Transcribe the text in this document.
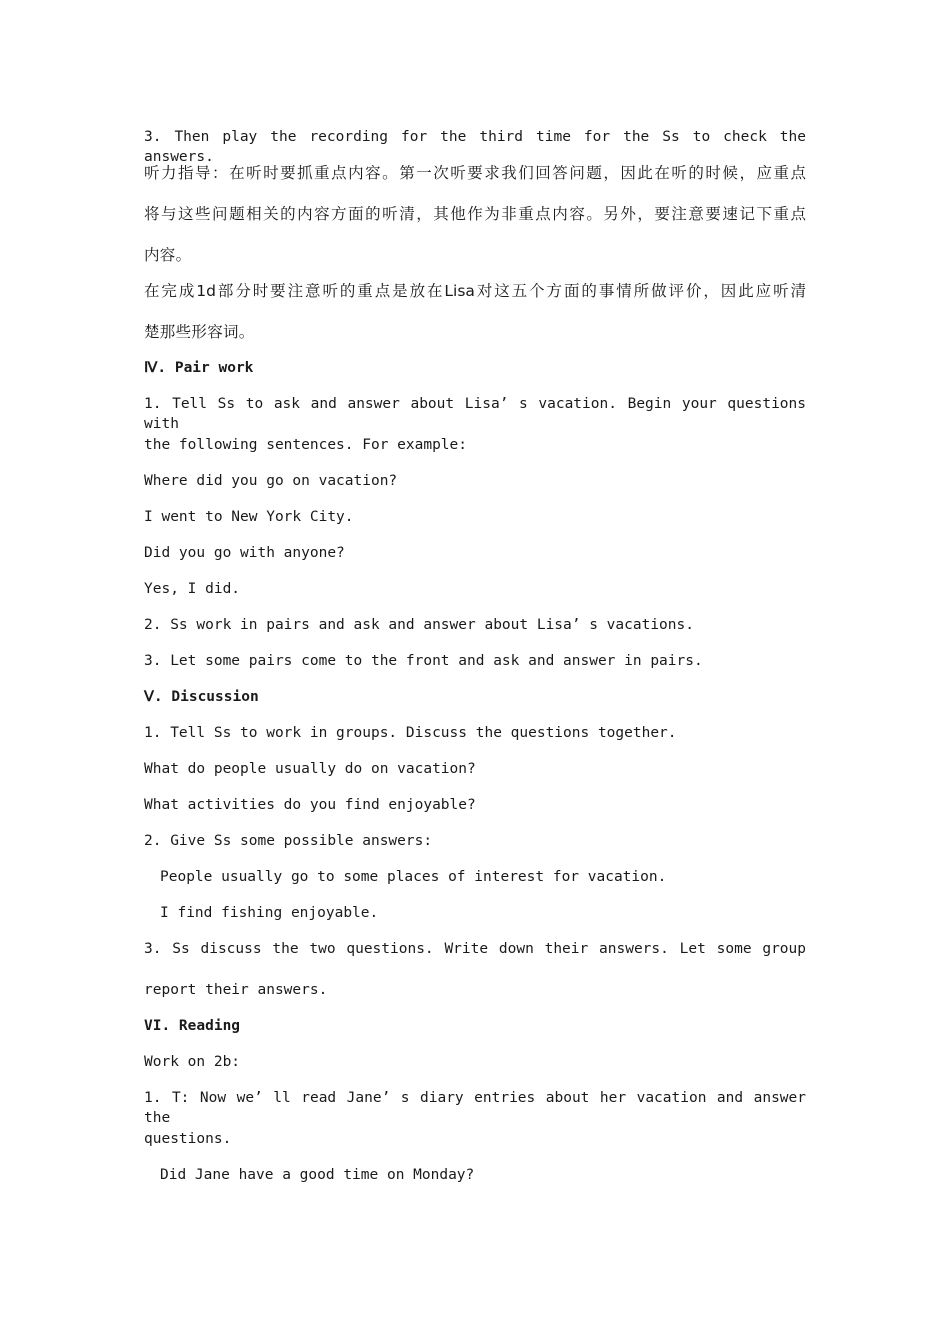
3. Then play the recording for the third time for the Ss to check the answers.
听力指导：在听时要抓重点内容。第一次听要求我们回答问题，因此在听的时候，应重点
将与这些问题相关的内容方面的听清，其他作为非重点内容。另外，要注意要速记下重点
内容。
在完成1d部分时要注意听的重点是放在Lisa对这五个方面的事情所做评价，因此应听清
楚那些形容词。
Ⅳ. Pair work
1. Tell Ss to ask and answer about Lisa’ s vacation. Begin your questions with
the following sentences. For example:
Where did you go on vacation?
I went to New York City.
Did you go with anyone?
Yes, I did.
2. Ss work in pairs and ask and answer about Lisa’ s vacations.
3. Let some pairs come to the front and ask and answer in pairs.
Ⅴ. Discussion
1. Tell Ss to work in groups. Discuss the questions together.
What do people usually do on vacation?
What activities do you find enjoyable?
2. Give Ss some possible answers:
People usually go to some places of interest for vacation.
I find fishing enjoyable.
3. Ss discuss the two questions. Write down their answers. Let some group
report their answers.
VI. Reading
Work on 2b:
1. T: Now we’ ll read Jane’ s diary entries about her vacation and answer the
questions.
Did Jane have a good time on Monday?
